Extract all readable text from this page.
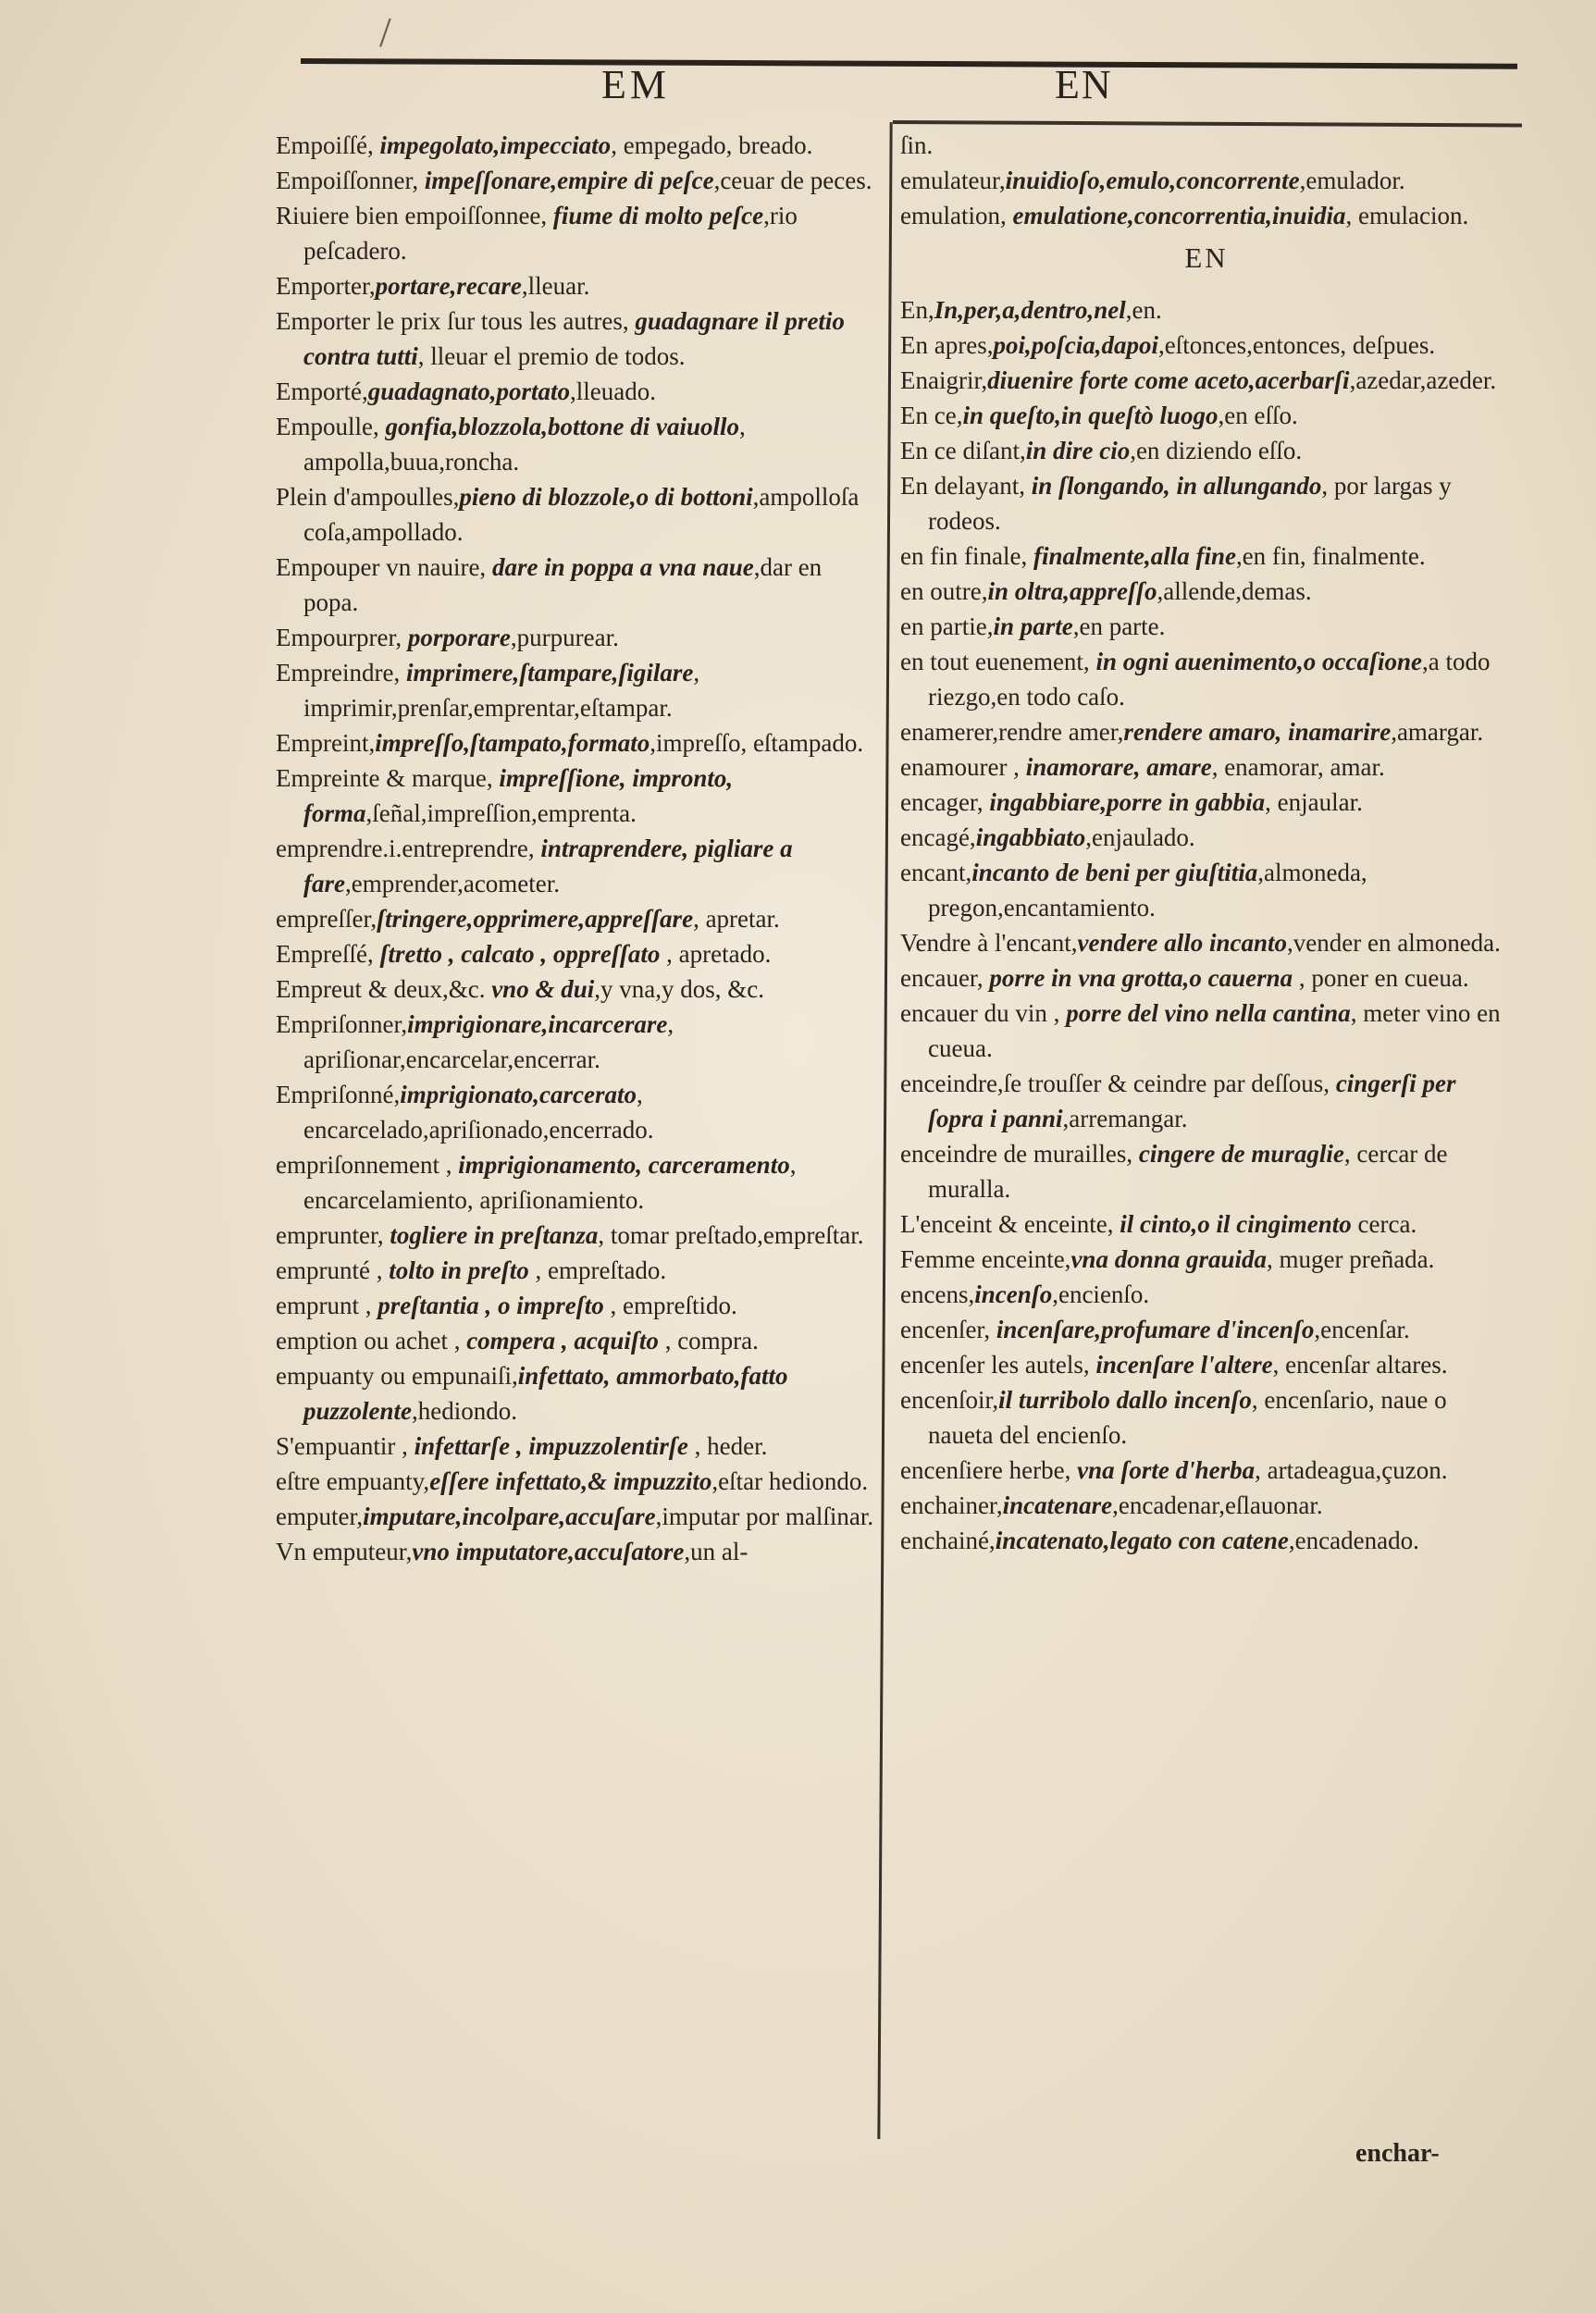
/
EM	EN

Empoiſſé, impegolato,impecciato, empegado, breado.

Empoiſſonner, impeſſonare,empire di peſce,ceuar de peces.

Riuiere bien empoiſſonnee, fiume di molto peſce,rio peſcadero.

Emporter,portare,recare,lleuar.

Emporter le prix ſur tous les autres, guadagnare il pretio contra tutti, lleuar el premio de todos.

Emporté,guadagnato,portato,lleuado.

Empoulle, gonfia,blozzola,bottone di vaiuollo, ampolla,buua,roncha.

Plein d'ampoulles,pieno di blozzole,o di bottoni,ampolloſa coſa,ampollado.

Empouper vn nauire, dare in poppa a vna naue,dar en popa.

Empourprer, porporare,purpurear.

Empreindre, imprimere,ſtampare,ſigilare, imprimir,prenſar,emprentar,eſtampar.

Empreint,impreſſo,ſtampato,formato,impreſſo, eſtampado.

Empreinte & marque, impreſſione, improntο, forma,ſeñal,impreſſion,emprenta.

emprendre.i.entreprendre, intraprendere, pigliare a fare,emprender,acometer.

empreſſer,ſtringere,opprimere,appreſſare, apretar.

Empreſſé, ſtretto , calcato , oppreſſato , apretado.

Empreut & deux,&c. vno & dui,y vna,y dos, &c.

Empriſonner,imprigionare,incarcerare, apriſionar,encarcelar,encerrar.

Empriſonné,imprigionato,carcerato, encarcelado,apriſionado,encerrado.

empriſonnement , imprigionamento, carceramento, encarcelamiento, apriſionamiento.

emprunter, togliere in preſtanza, tomar preſtado,empreſtar.

emprunté , tolto in preſto , empreſtado.

emprunt , preſtantia , o impreſto , empreſtido.

emption ou achet , compera , acquiſto , compra.

empuanty ou empunaiſi,infettato, ammorbato,fatto puzzolente,hediondo.

S'empuantir , infettarſe , impuzzolentirſe , heder.

eſtre empuanty,eſſere infettato,& impuzzito,eſtar hediondo.

emputer,imputare,incolpare,accuſare,imputar por malſinar.

Vn emputeur,vno imputatore,accuſatore,un al-

ſin.

emulateur,inuidioſo,emulo,concorrente,emulador.

emulation, emulatione,concorrentia,inuidia, emulacion.

EN

En,In,per,a,dentro,nel,en.

En apres,poi,poſcia,dapoi,eſtonces,entonces, deſpues.

Enaigrir,diuenire forte come aceto,acerbarſi,azedar,azeder.

En ce,in queſto,in queſtò luogo,en eſſo.

En ce diſant,in dire cio,en diziendo eſſo.

En delayant, in ſlongando, in allungando, por largas y rodeos.

en fin finale, finalmente,alla fine,en fin, finalmente.

en outre,in oltra,appreſſo,allende,demas.

en partie,in parte,en parte.

en tout euenement, in ogni auenimento,o occaſione,a todo riezgo,en todo caſo.

enamerer,rendre amer,rendere amaro, inamarire,amargar.

enamourer , inamorare, amare, enamorar, amar.

encager, ingabbiare,porre in gabbia, enjaular.

encagé,ingabbiato,enjaulado.

encant,incanto de beni per giuſtitia,almoneda, pregon,encantamiento.

Vendre à l'encant,vendere allo incanto,vender en almoneda.

encauer, porre in vna grotta,o cauerna , poner en cueua.

encauer du vin , porre del vino nella cantina, meter vino en cueua.

enceindre,ſe trouſſer & ceindre par deſſous, cingerſi per ſopra i panni,arremangar.

enceindre de murailles, cingere de muraglie, cercar de muralla.

L'enceint & enceinte, il cinto,o il cingimento cerca.

Femme enceinte,vna donna grauida, muger preñada.

encens,incenſo,encienſo.

encenſer, incenſare,profumare d'incenſo,encenſar.

encenſer les autels, incenſare l'altere, encenſar altares.

encenſoir,il turribolo dallo incenſo, encenſario, naue o naueta del encienſo.

encenſiere herbe, vna ſorte d'herba, artadeagua,çuzon.

enchainer,incatenare,encadenar,eſlauonar.

enchainé,incatenato,legato con catene,encadenado.

enchar-
